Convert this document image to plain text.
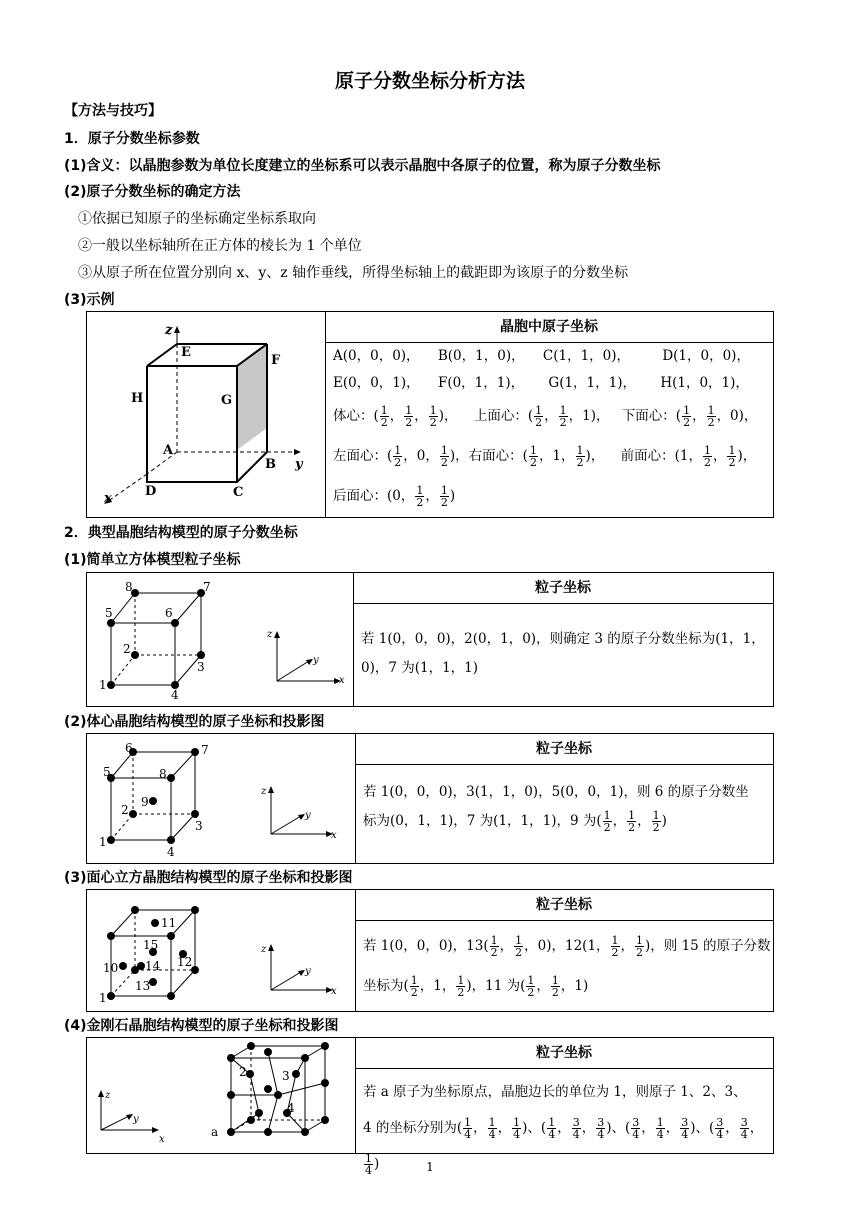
原子分数坐标分析方法
【方法与技巧】
1．原子分数坐标参数
(1)含义：以晶胞参数为单位长度建立的坐标系可以表示晶胞中各原子的位置，称为原子分数坐标
(2)原子分数坐标的确定方法
①依据已知原子的坐标确定坐标系取向
②一般以坐标轴所在正方体的棱长为 1 个单位
③从原子所在位置分别向 x、y、z 轴作垂线，所得坐标轴上的截距即为该原子的分数坐标
(3)示例
z
E
F
H	G
A
B y
x	D	C
晶胞中原子坐标
A(0，0，0)， B(0，1，0)， C(1，1，0)， D(1，0，0)，
E(0，0，1)， F(0，1，1)， G(1，1，1)， H(1，0，1)，
体心：( $\frac{1}{2}$ ， $\frac{1}{2}$ ， $\frac{1}{2}$ )， 上面心：( $\frac{1}{2}$ ， $\frac{1}{2}$ ，1)， 下面心：( $\frac{1}{2}$ ， $\frac{1}{2}$ ，0)，
左面心：( $\frac{1}{2}$ ，0， $\frac{1}{2}$ )，右面心：( $\frac{1}{2}$ ，1， $\frac{1}{2}$ )， 前面心：(1， $\frac{1}{2}$ ， $\frac{1}{2}$ )，
后面心：(0， $\frac{1}{2}$ ， $\frac{1}{2}$ )
2．典型晶胞结构模型的原子分数坐标
(1)简单立方体模型粒子坐标
1
2
3
4
5	6
7
8
z
y
x
粒子坐标
若 1(0，0，0)，2(0，1，0)，则确定 3 的原子分数坐标为(1，1，
0)，7 为(1，1，1)
(2)体心晶胞结构模型的原子坐标和投影图
1
2
3
4
5
6	7
8
9
z
y
x
粒子坐标
若 1(0，0，0)，3(1，1，0)，5(0，0，1)，则 6 的原子分数坐
标为(0，1，1)，7 为(1，1，1)，9 为( $\frac{1}{2}$ ， $\frac{1}{2}$ ， $\frac{1}{2}$ )
(3)面心立方晶胞结构模型的原子坐标和投影图
1
11
10	12
13
14
15	z
y
x
粒子坐标
若 1(0，0，0)，$13( \frac{1}{2}$ ， $\frac{1}{2}$ ，0)，12(1， $\frac{1}{2}$ ， $\frac{1}{2}$ )，则 15 的原子分数
坐标为( $\frac{1}{2}$ ，1， $\frac{1}{2}$ )，11 为( $\frac{1}{2}$ ， $\frac{1}{2}$ ，1)
(4)金刚石晶胞结构模型的原子坐标和投影图
z
y
x
a
1
2	3
4
粒子坐标
若 a 原子为坐标原点，晶胞边长的单位为 1，则原子 1、2、3、
4 的坐标分别为( $\frac{1}{4}$ ， $\frac{1}{4}$ ， $\frac{1}{4}$ )、( $\frac{1}{4}$ ， $\frac{3}{4}$ ， $\frac{3}{4}$ )、( $\frac{3}{4}$ ， $\frac{1}{4}$ ， $\frac{3}{4}$ )、( $\frac{3}{4}$ ， $\frac{3}{4}$ ，
$\frac{1}{4}$ )	1
